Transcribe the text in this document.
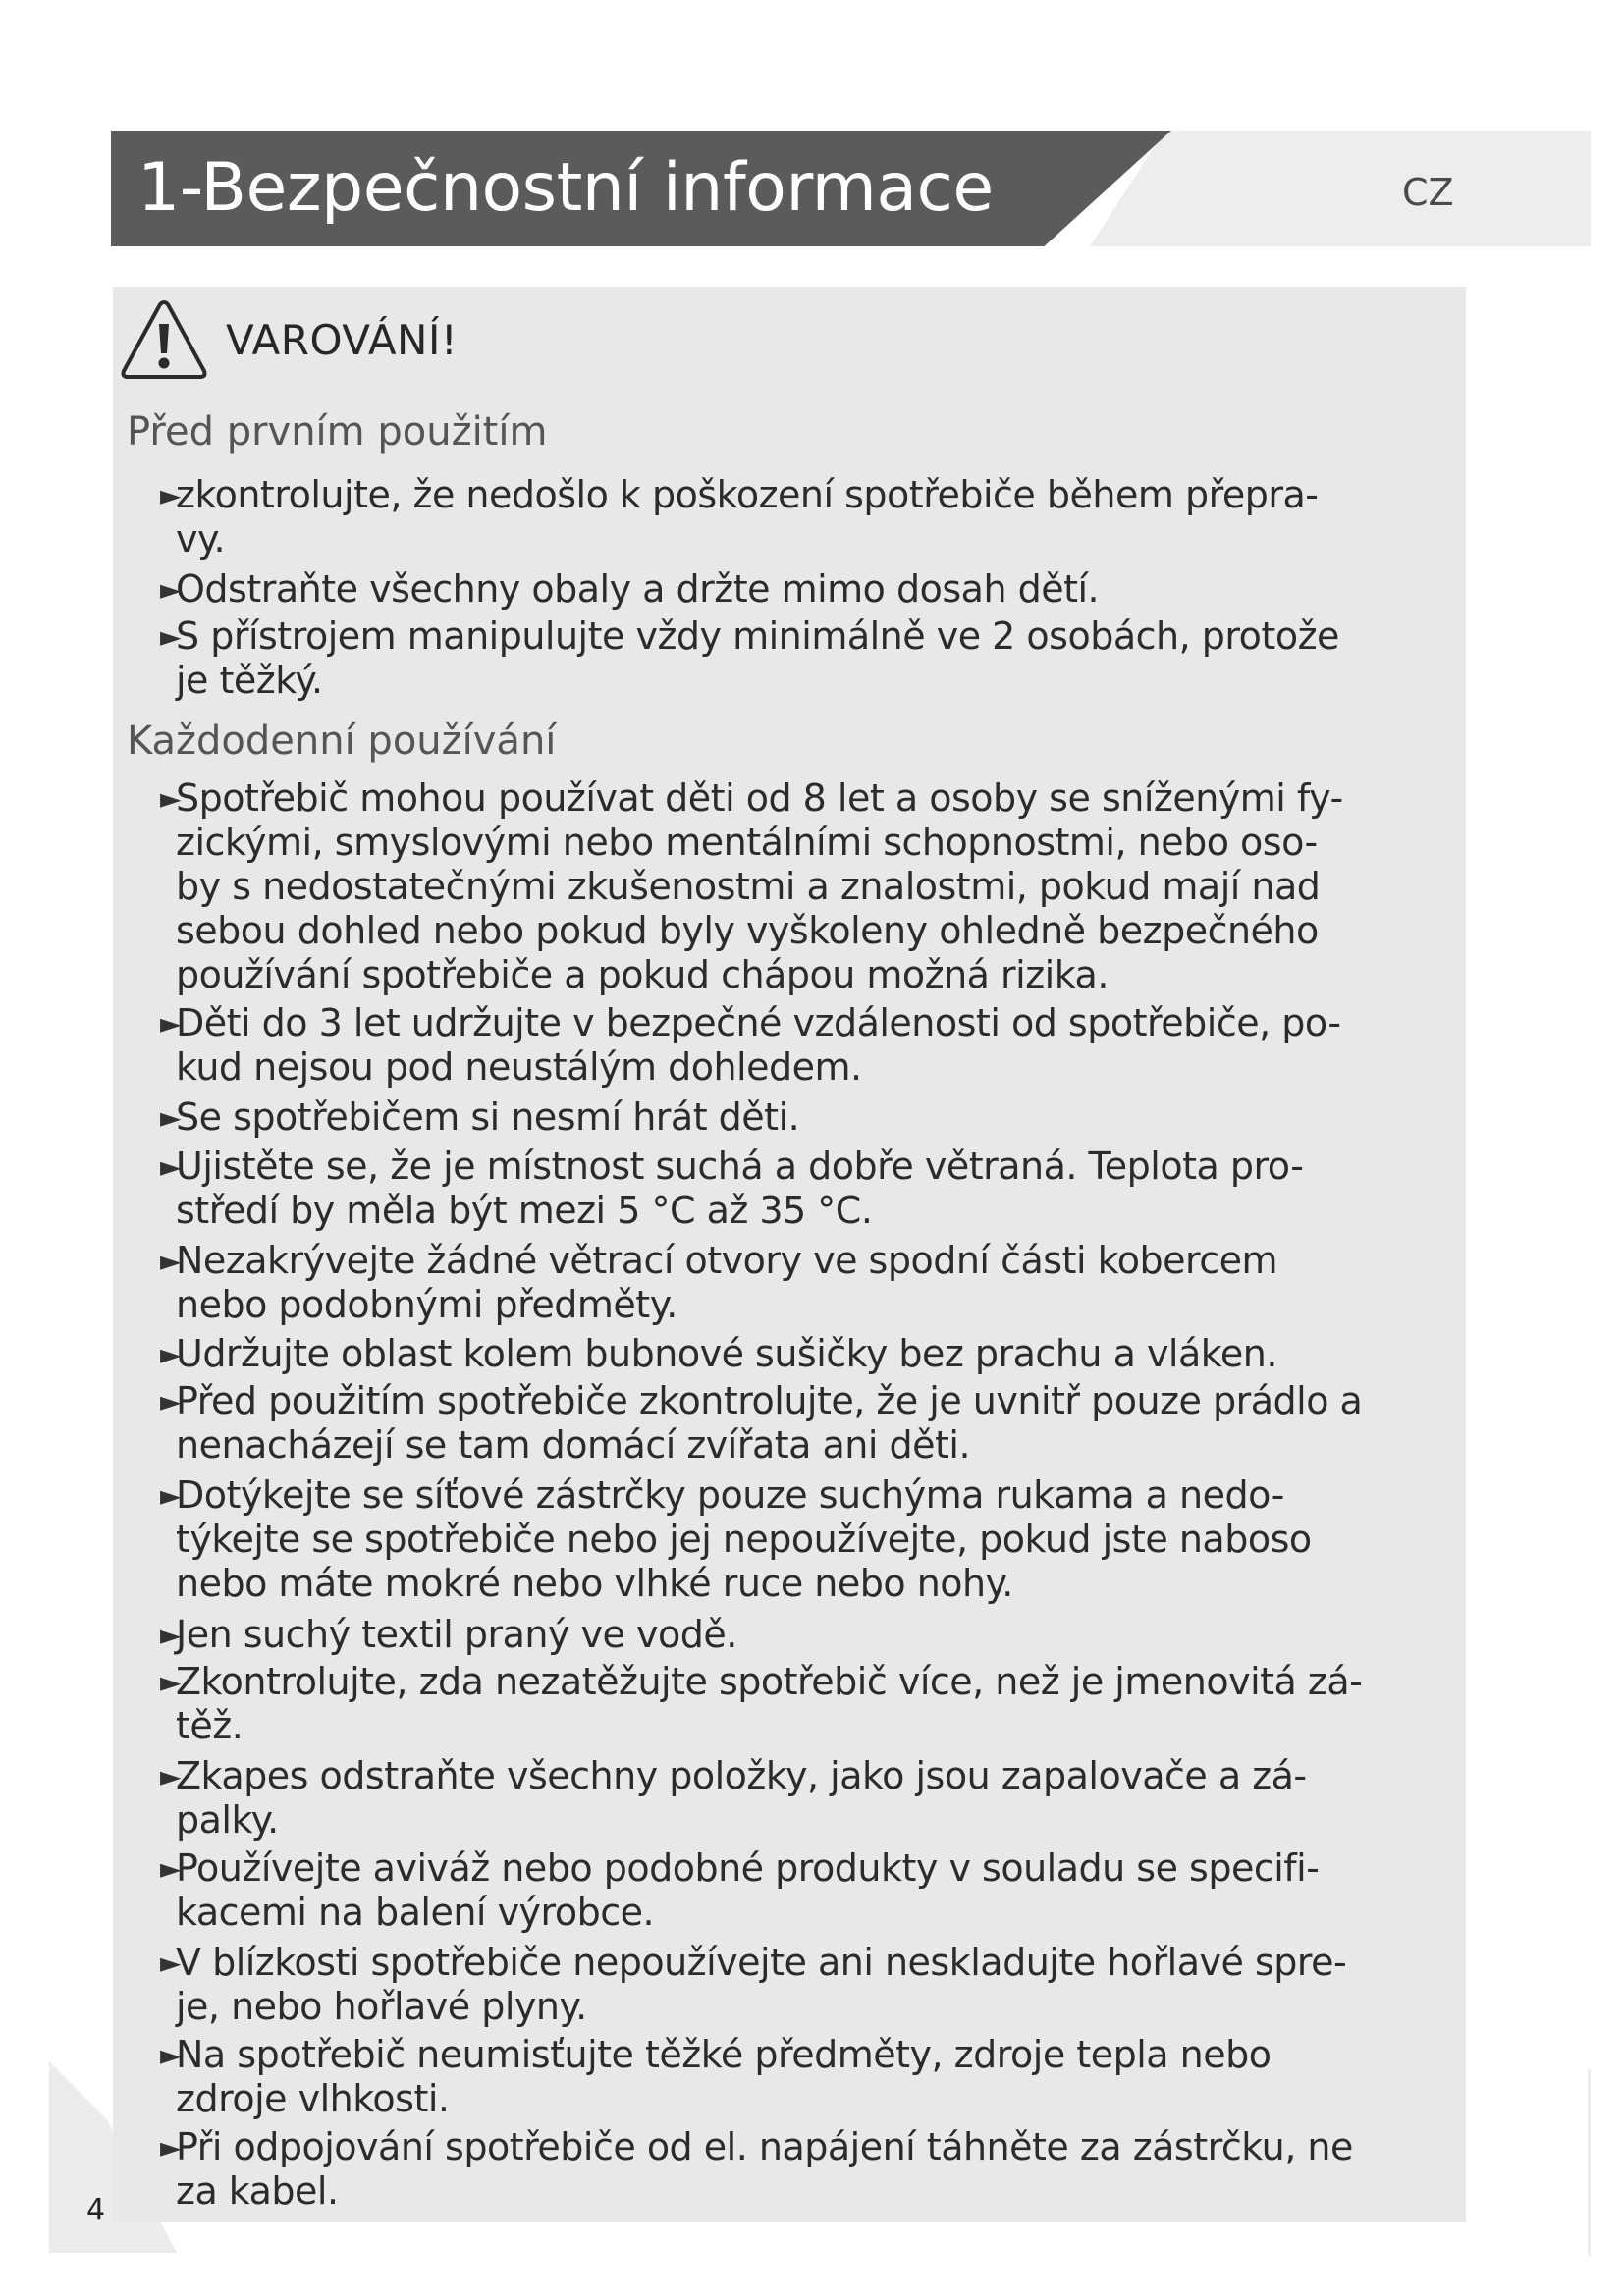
1-Bezpečnostní informace	CZ
VAROVÁNÍ!
Před prvním použitím
Každodenní používání
►
zkontrolujte, že nedošlo k poškození spotřebiče během přepra-
vy.
►
Odstraňte všechny obaly a držte mimo dosah dětí.
►
S přístrojem manipulujte vždy minimálně ve 2 osobách, protože
je těžký.
►
Spotřebič mohou používat děti od 8 let a osoby se sníženými fy-
zickými, smyslovými nebo mentálními schopnostmi, nebo oso-
by s nedostatečnými zkušenostmi a znalostmi, pokud mají nad
sebou dohled nebo pokud byly vyškoleny ohledně bezpečného
používání spotřebiče a pokud chápou možná rizika.
►
Děti do 3 let udržujte v bezpečné vzdálenosti od spotřebiče, po-
kud nejsou pod neustálým dohledem.
►
Se spotřebičem si nesmí hrát děti.
►
Ujistěte se, že je místnost suchá a dobře větraná. Teplota pro-
středí by měla být mezi 5 °C až 35 °C.
►
Nezakrývejte žádné větrací otvory ve spodní části kobercem
nebo podobnými předměty.
►
Udržujte oblast kolem bubnové sušičky bez prachu a vláken.
►
Před použitím spotřebiče zkontrolujte, že je uvnitř pouze prádlo a
nenacházejí se tam domácí zvířata ani děti.
►
Dotýkejte se síťové zástrčky pouze suchýma rukama a nedo-
týkejte se spotřebiče nebo jej nepoužívejte, pokud jste naboso
nebo máte mokré nebo vlhké ruce nebo nohy.
►
Jen suchý textil praný ve vodě.
►
Zkontrolujte, zda nezatěžujte spotřebič více, než je jmenovitá zá-
těž.
►
Zkapes odstraňte všechny položky, jako jsou zapalovače a zá-
palky.
►
Používejte aviváž nebo podobné produkty v souladu se specifi-
kacemi na balení výrobce.
►
V blízkosti spotřebiče nepoužívejte ani neskladujte hořlavé spre-
je, nebo hořlavé plyny.
►
Na spotřebič neumisťujte těžké předměty, zdroje tepla nebo
zdroje vlhkosti.
►
Při odpojování spotřebiče od el. napájení táhněte za zástrčku, ne
za kabel.
4
